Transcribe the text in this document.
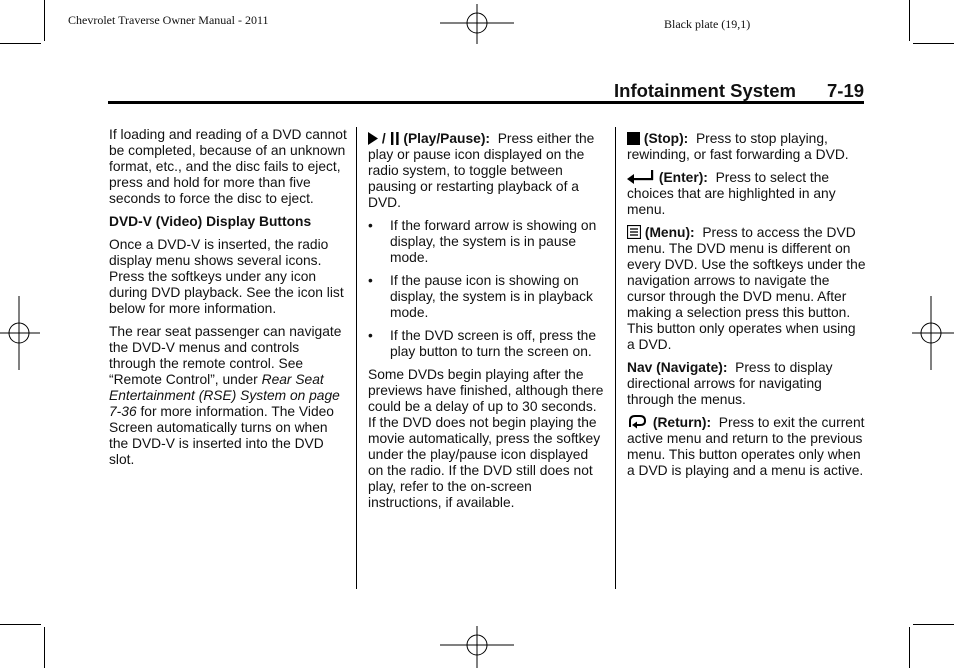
Chevrolet Traverse Owner Manual - 2011	Black plate (19,1)
Infotainment System 7-19

If loading and reading of a DVD cannot be completed, because of an unknown format, etc., and the disc fails to eject, press and hold for more than five seconds to force the disc to eject.

DVD-V (Video) Display Buttons

Once a DVD-V is inserted, the radio display menu shows several icons. Press the softkeys under any icon during DVD playback. See the icon list below for more information.

The rear seat passenger can navigate the DVD-V menus and controls through the remote control. See “Remote Control”, under Rear Seat Entertainment (RSE) System on page 7-36 for more information. The Video Screen automatically turns on when the DVD-V is inserted into the DVD slot.

/ (Play/Pause): Press either the play or pause icon displayed on the radio system, to toggle between pausing or restarting playback of a DVD.

• If the forward arrow is showing on display, the system is in pause mode.
• If the pause icon is showing on display, the system is in playback mode.
• If the DVD screen is off, press the play button to turn the screen on.

Some DVDs begin playing after the previews have finished, although there could be a delay of up to 30 seconds. If the DVD does not begin playing the movie automatically, press the softkey under the play/pause icon displayed on the radio. If the DVD still does not play, refer to the on-screen instructions, if available.

(Stop): Press to stop playing, rewinding, or fast forwarding a DVD.

(Enter): Press to select the choices that are highlighted in any menu.

(Menu): Press to access the DVD menu. The DVD menu is different on every DVD. Use the softkeys under the navigation arrows to navigate the cursor through the DVD menu. After making a selection press this button. This button only operates when using a DVD.

Nav (Navigate): Press to display directional arrows for navigating through the menus.

(Return): Press to exit the current active menu and return to the previous menu. This button operates only when a DVD is playing and a menu is active.
